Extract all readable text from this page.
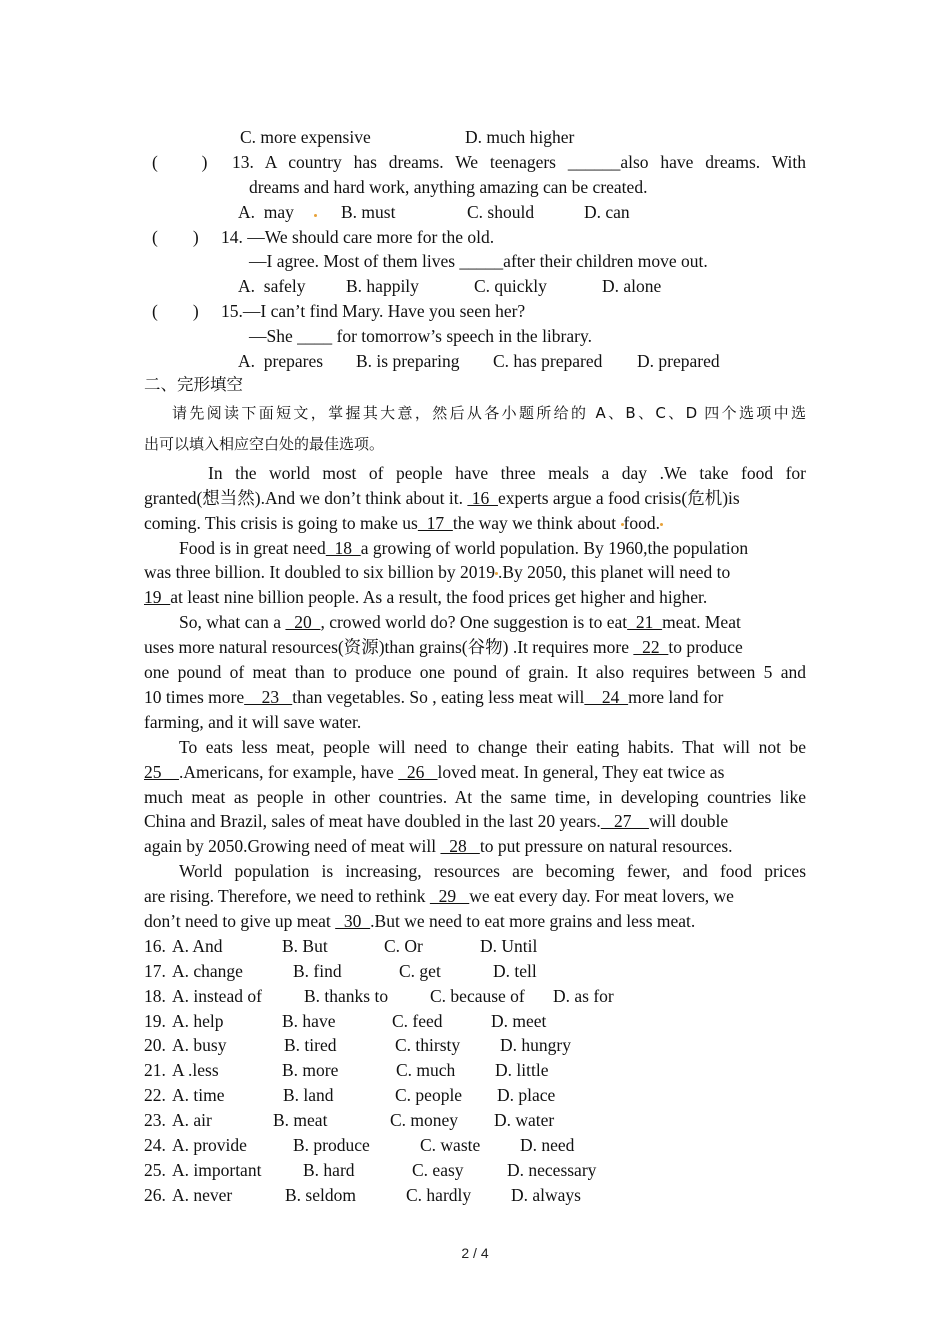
C. more expensive	D. much higher
(          ) 13. A country has dreams. We teenagers ______also have dreams. With
dreams and hard work, anything amazing can be created.
A.  may	B. must	C. should	D. can
(        ) 14. —We should care more for the old.
—I agree. Most of them lives _____after their children move out.
A.  safely B. happily	C. quickly	D. alone
(        ) 15.—I can’t find Mary. Have you seen her?
—She ____ for tomorrow’s speech in the library.
A.  prepares B. is preparing C. has prepared D. prepared
二、完形填空
请先阅读下面短文，掌握其大意，然后从各小题所给的 A、B、C、D 四个选项中选
出可以填入相应空白处的最佳选项。
In the world most of people have three meals a day .We take food for
granted(想当然).And we don’t think about it.  16  experts argue a food crisis(危机)is
coming. This crisis is going to make us  17  the way we think about food.
Food is in great need  18  a growing of world population. By 1960,the population
was three billion. It doubled to six billion by 2019 .By 2050, this planet will need to
19  at least nine billion people. As a result, the food prices get higher and higher.
So, what can a   20  , crowed world do? One suggestion is to eat  21  meat. Meat
uses more natural resources(资源)than grains(谷物) .It requires more   22  to produce
one pound of meat than to produce one pound of grain. It also requires between 5 and
10 times more    23   than vegetables. So , eating less meat will    24  more land for
farming, and it will save water.
To eats less meat, people will need to change their eating habits. That will not be
25    .Americans, for example, have   26   loved meat. In general, They eat twice as
much meat as people in other countries. At the same time, in developing countries like
China and Brazil, sales of meat have doubled in the last 20 years.   27    will double
again by 2050.Growing need of meat will   28   to put pressure on natural resources.
World population is increasing, resources are becoming fewer, and food prices
are rising. Therefore, we need to rethink   29   we eat every day. For meat lovers, we
don’t need to give up meat   30  .But we need to eat more grains and less meat.
16. A. And	B. But	C. Or	D. Until
17. A. change	B. find	C. get	D. tell
18. A. instead of B. thanks to C. because of D. as for
19. A. help	B. have	C. feed	D. meet
20. A. busy	B. tired	C. thirsty D. hungry
21. A .less	B. more	C. much D. little
22. A. time	B. land	C. people D. place
23. A. air	B. meat	C. money D. water
24. A. provide	B. produce	C. waste D. need
25. A. important B. hard	C. easy D. necessary
26. A. never	B. seldom	C. hardly D. always
2 / 4
